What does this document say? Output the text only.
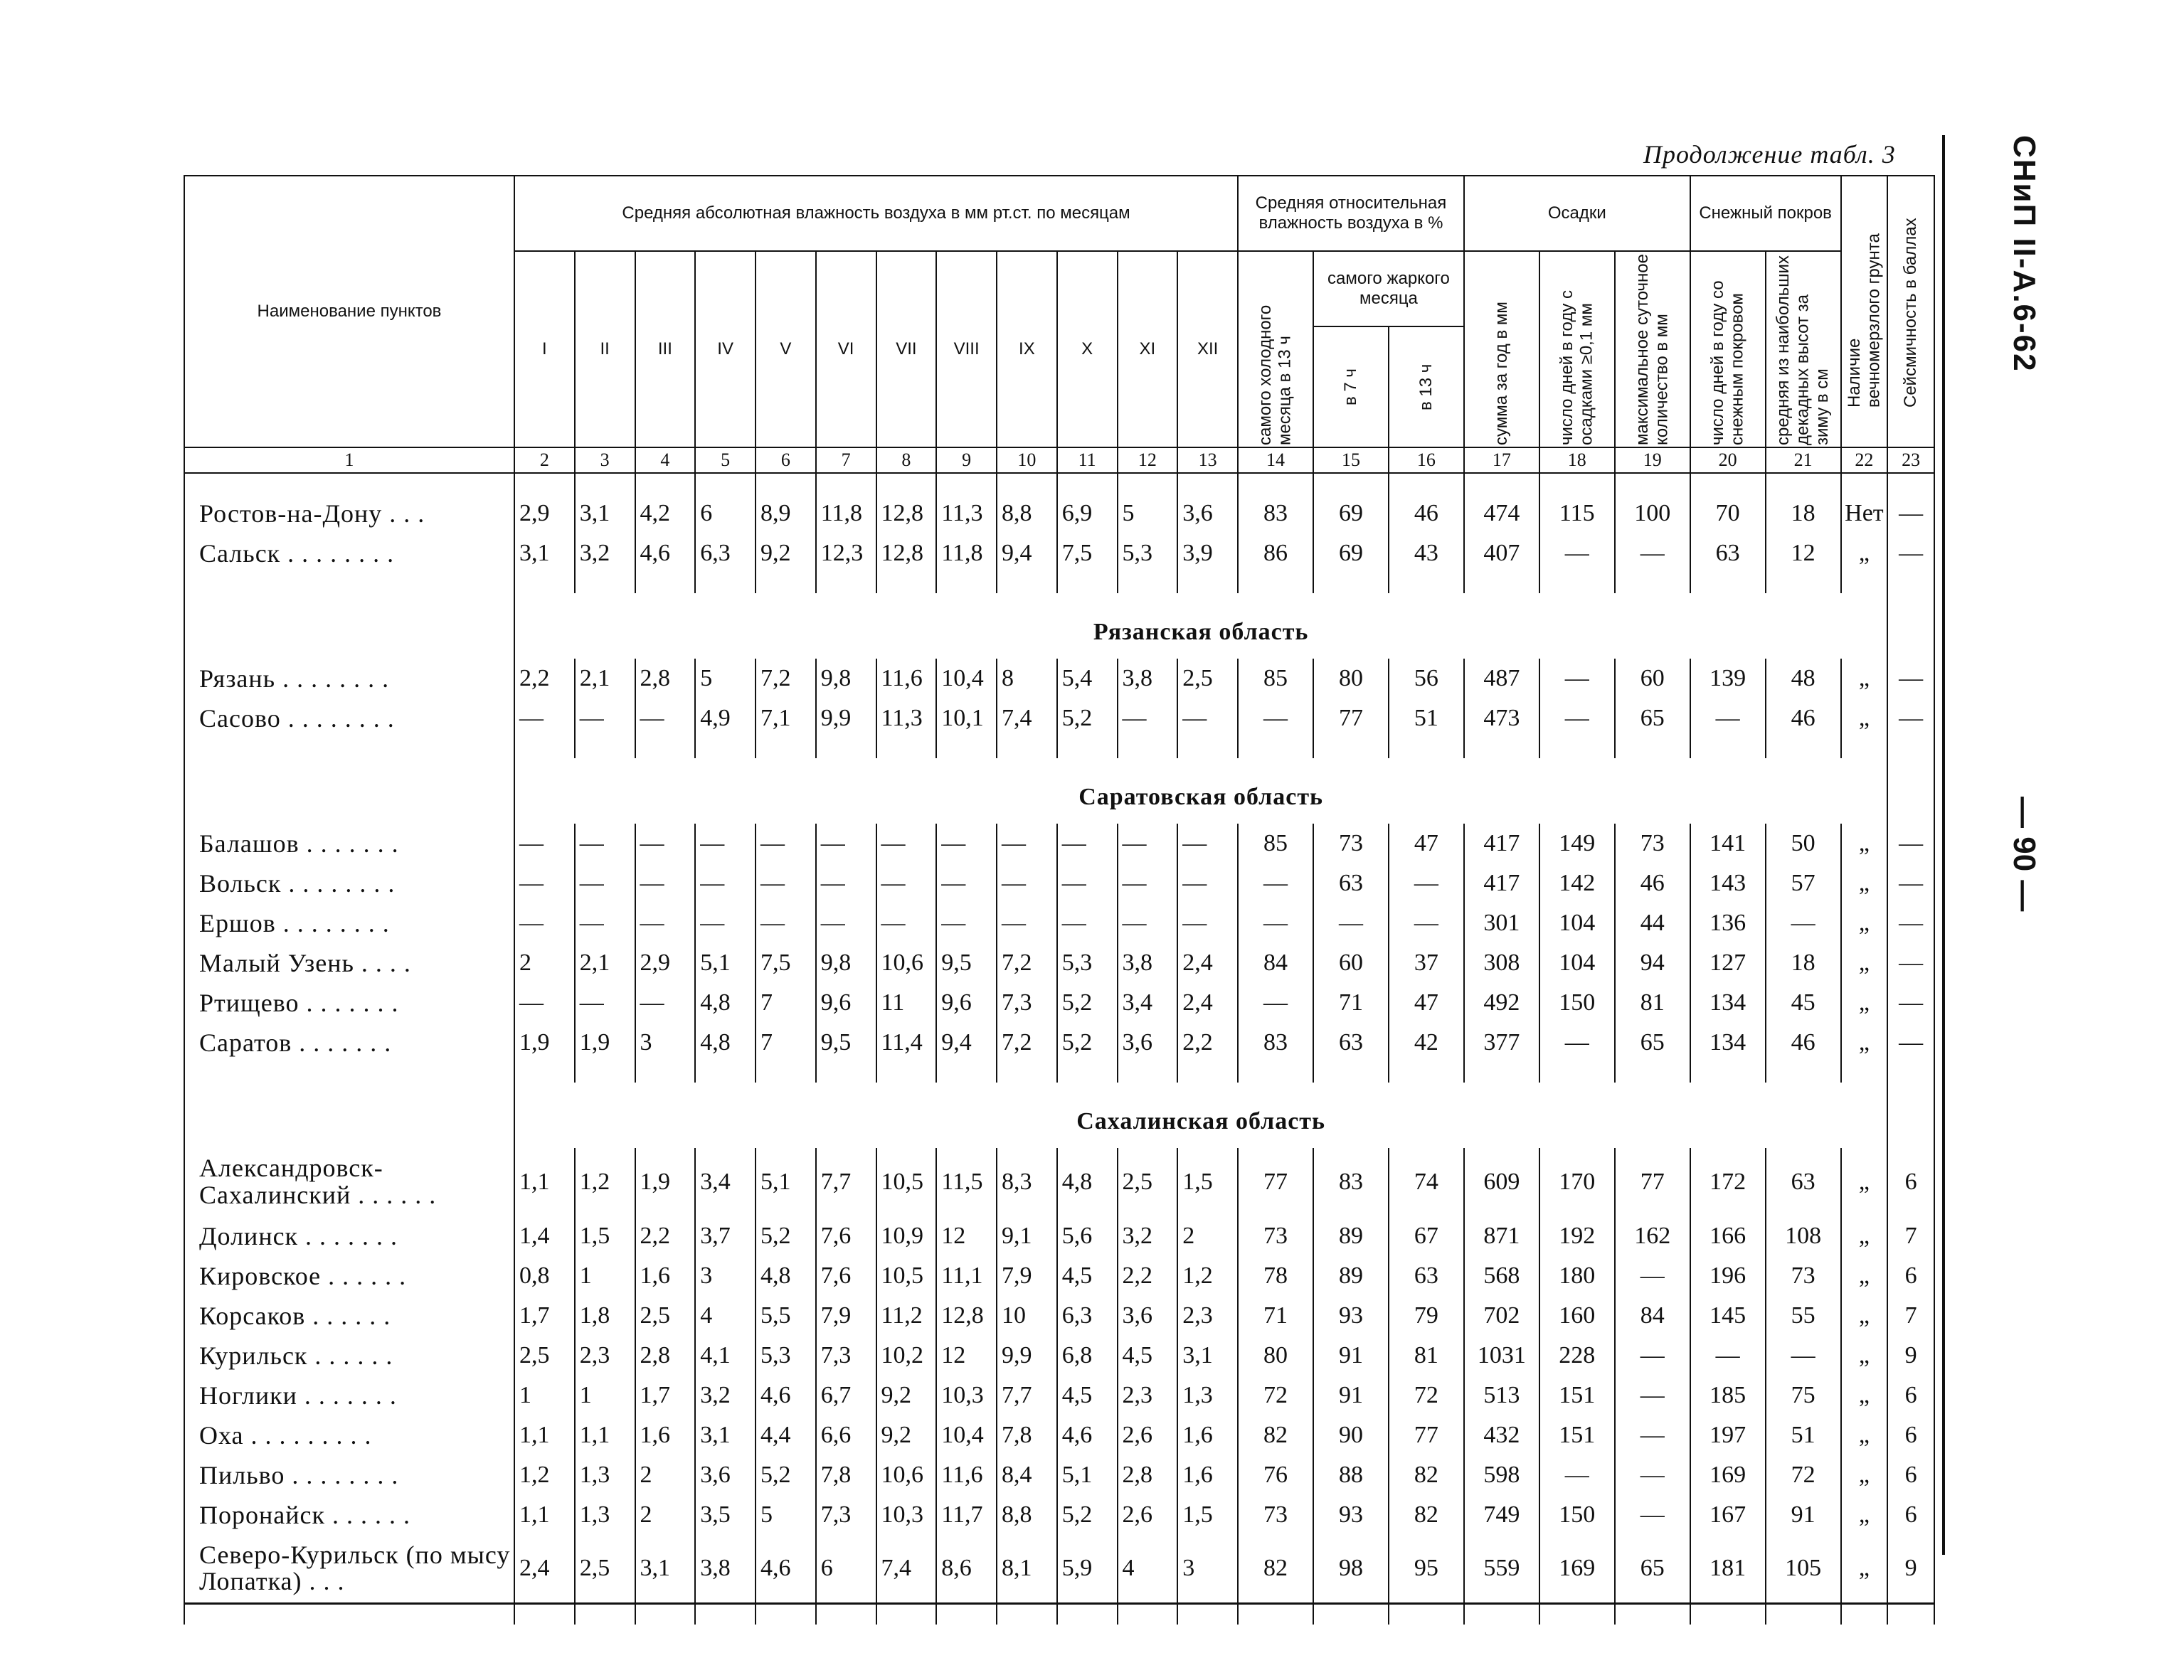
Продолжение табл. 3	СНиП II-А.6-62
— 90 —
Наименование пунктов	Средняя абсолютная влажность воздуха в мм рт.ст. по месяцам												Средняя относительная влажность воздуха в %			Осадки			Снежный покров		Наличие вечномерзлого грунта	Сейсмичность в баллах

	I	II	III	IV	V	VI	VII	VIII	IX	X	XI	XII	самого холодного месяца в 13 ч	самого жаркого месяца		сумма за год в мм	число дней в году с осадками ≥0,1 мм	максимальное суточное количество в мм	число дней в году со снежным покровом	средняя из наибольших декадных высот за зиму в см		

														в 7 ч	в 13 ч							

1	2	3	4	5	6	7	8	9	10	11	12	13	14	15	16	17	18	19	20	21	22	23

Ростов-на-Дону . . .	2,9	3,1	4,2	6	8,9	11,8	12,8	11,3	8,8	6,9	5	3,6	83	69	46	474	115	100	70	18	Нет	—
Сальск . . . . . . . .	3,1	3,2	4,6	6,3	9,2	12,3	12,8	11,8	9,4	7,5	5,3	3,9	86	69	43	407	—	—	63	12	„	—

	Рязанская область																					
Рязань . . . . . . . .	2,2	2,1	2,8	5	7,2	9,8	11,6	10,4	8	5,4	3,8	2,5	85	80	56	487	—	60	139	48	„	—
Сасово . . . . . . . .	—	—	—	4,9	7,1	9,9	11,3	10,1	7,4	5,2	—	—	—	77	51	473	—	65	—	46	„	—

	Саратовская область																					
Балашов . . . . . . .	—	—	—	—	—	—	—	—	—	—	—	—	85	73	47	417	149	73	141	50	„	—
Вольск . . . . . . . .	—	—	—	—	—	—	—	—	—	—	—	—	—	63	—	417	142	46	143	57	„	—
Ершов . . . . . . . .	—	—	—	—	—	—	—	—	—	—	—	—	—	—	—	301	104	44	136	—	„	—
Малый Узень . . . .	2	2,1	2,9	5,1	7,5	9,8	10,6	9,5	7,2	5,3	3,8	2,4	84	60	37	308	104	94	127	18	„	—
Ртищево . . . . . . .	—	—	—	4,8	7	9,6	11	9,6	7,3	5,2	3,4	2,4	—	71	47	492	150	81	134	45	„	—
Саратов . . . . . . .	1,9	1,9	3	4,8	7	9,5	11,4	9,4	7,2	5,2	3,6	2,2	83	63	42	377	—	65	134	46	„	—

	Сахалинская область																					
Александровск-Сахалинский . . . . . .	1,1	1,2	1,9	3,4	5,1	7,7	10,5	11,5	8,3	4,8	2,5	1,5	77	83	74	609	170	77	172	63	„	6
Долинск . . . . . . .	1,4	1,5	2,2	3,7	5,2	7,6	10,9	12	9,1	5,6	3,2	2	73	89	67	871	192	162	166	108	„	7
Кировское . . . . . .	0,8	1	1,6	3	4,8	7,6	10,5	11,1	7,9	4,5	2,2	1,2	78	89	63	568	180	—	196	73	„	6
Корсаков . . . . . .	1,7	1,8	2,5	4	5,5	7,9	11,2	12,8	10	6,3	3,6	2,3	71	93	79	702	160	84	145	55	„	7
Курильск . . . . . .	2,5	2,3	2,8	4,1	5,3	7,3	10,2	12	9,9	6,8	4,5	3,1	80	91	81	1031	228	—	—	—	„	9
Ноглики . . . . . . .	1	1	1,7	3,2	4,6	6,7	9,2	10,3	7,7	4,5	2,3	1,3	72	91	72	513	151	—	185	75	„	6
Оха . . . . . . . . .	1,1	1,1	1,6	3,1	4,4	6,6	9,2	10,4	7,8	4,6	2,6	1,6	82	90	77	432	151	—	197	51	„	6
Пильво . . . . . . . .	1,2	1,3	2	3,6	5,2	7,8	10,6	11,6	8,4	5,1	2,8	1,6	76	88	82	598	—	—	169	72	„	6
Поронайск . . . . . .	1,1	1,3	2	3,5	5	7,3	10,3	11,7	8,8	5,2	2,6	1,5	73	93	82	749	150	—	167	91	„	6
Северо-Курильск (по мысу Лопатка) . . .	2,4	2,5	3,1	3,8	4,6	6	7,4	8,6	8,1	5,9	4	3	82	98	95	559	169	65	181	105	„	9
